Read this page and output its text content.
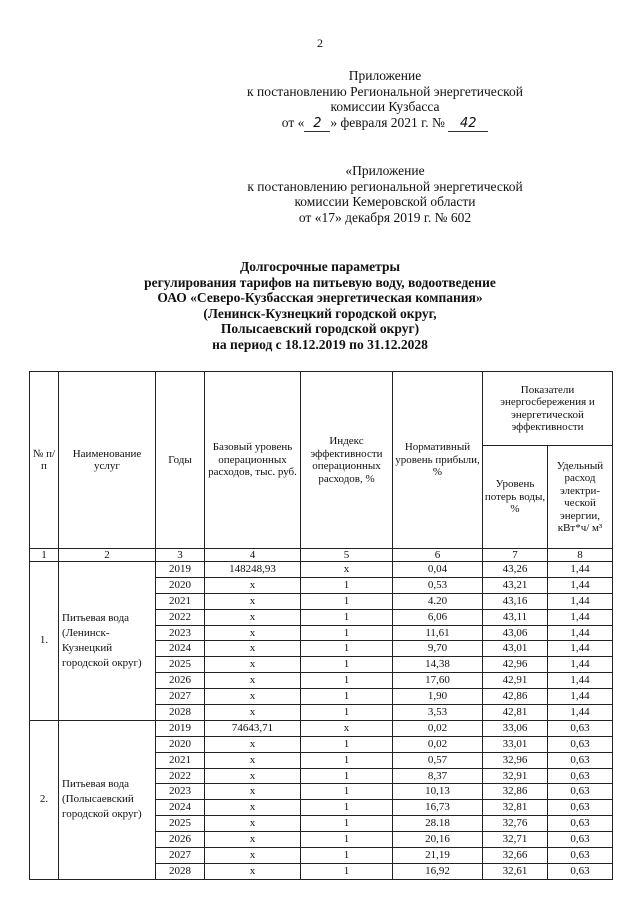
2
Приложение
к постановлению Региональной энергетической
комиссии Кузбасса
от « 2 » февраля 2021 г. № 42
«Приложение
к постановлению региональной энергетической
комиссии Кемеровской области
от «17» декабря 2019 г. № 602
Долгосрочные параметры
регулирования тарифов на питьевую воду, водоотведение
ОАО «Северо-Кузбасская энергетическая компания»
(Ленинск-Кузнецкий городской округ,
Полысаевский городской округ)
на период с 18.12.2019 по 31.12.2028
№ п/п	Наименование услуг	Годы	Базовый уровень операционных расходов, тыс. руб.	Индекс эффективности операционных расходов, %	Нормативный уровень прибыли, %	Показатели энергосбережения и энергетической эффективности	
						Уровень потерь воды, %	Удельный расход электри-ческой энергии, кВт*ч/ м³
1	2	3	4	5	6	7	8
1.	Питьевая вода (Ленинск-Кузнецкий городской округ)	2019	148248,93	х	0,04	43,26	1,44
		2020	х	1	0,53	43,21	1,44
		2021	х	1	4.20	43,16	1,44
		2022	х	1	6,06	43,11	1,44
		2023	х	1	11,61	43,06	1,44
		2024	х	1	9,70	43,01	1,44
		2025	х	1	14,38	42,96	1,44
		2026	х	1	17,60	42,91	1,44
		2027	х	1	1,90	42,86	1,44
		2028	х	1	3,53	42,81	1,44
2.	Питьевая вода (Полысаевский городской округ)	2019	74643,71	х	0,02	33,06	0,63
		2020	х	1	0,02	33,01	0,63
		2021	х	1	0,57	32,96	0,63
		2022	х	1	8,37	32,91	0,63
		2023	х	1	10,13	32,86	0,63
		2024	х	1	16,73	32,81	0,63
		2025	х	1	28.18	32,76	0,63
		2026	х	1	20,16	32,71	0,63
		2027	х	1	21,19	32,66	0,63
		2028	х	1	16,92	32,61	0,63
